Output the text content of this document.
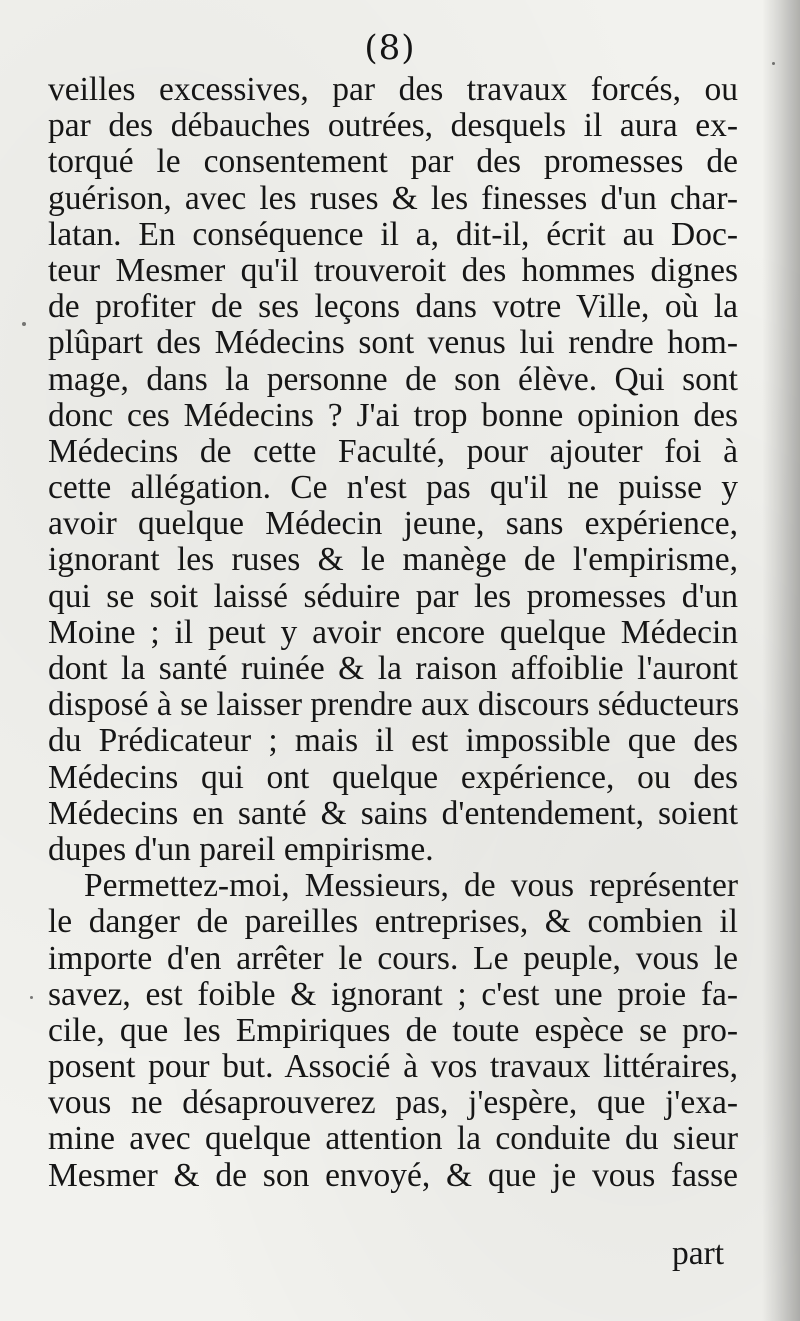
(8)
veilles excessives, par des travaux forcés, ou
par des débauches outrées, desquels il aura ex-
torqué le consentement par des promesses de
guérison, avec les ruses & les finesses d'un char-
latan. En conséquence il a, dit-il, écrit au Doc-
teur Mesmer qu'il trouveroit des hommes dignes
de profiter de ses leçons dans votre Ville, où la
plûpart des Médecins sont venus lui rendre hom-
mage, dans la personne de son élève. Qui sont
donc ces Médecins ? J'ai trop bonne opinion des
Médecins de cette Faculté, pour ajouter foi à
cette allégation. Ce n'est pas qu'il ne puisse y
avoir quelque Médecin jeune, sans expérience,
ignorant les ruses & le manège de l'empirisme,
qui se soit laissé séduire par les promesses d'un
Moine ; il peut y avoir encore quelque Médecin
dont la santé ruinée & la raison affoiblie l'auront
disposé à se laisser prendre aux discours séducteurs
du Prédicateur ; mais il est impossible que des
Médecins qui ont quelque expérience, ou des
Médecins en santé & sains d'entendement, soient
dupes d'un pareil empirisme.
Permettez-moi, Messieurs, de vous représenter
le danger de pareilles entreprises, & combien il
importe d'en arrêter le cours. Le peuple, vous le
savez, est foible & ignorant ; c'est une proie fa-
cile, que les Empiriques de toute espèce se pro-
posent pour but. Associé à vos travaux littéraires,
vous ne désaprouverez pas, j'espère, que j'exa-
mine avec quelque attention la conduite du sieur
Mesmer & de son envoyé, & que je vous fasse
part
